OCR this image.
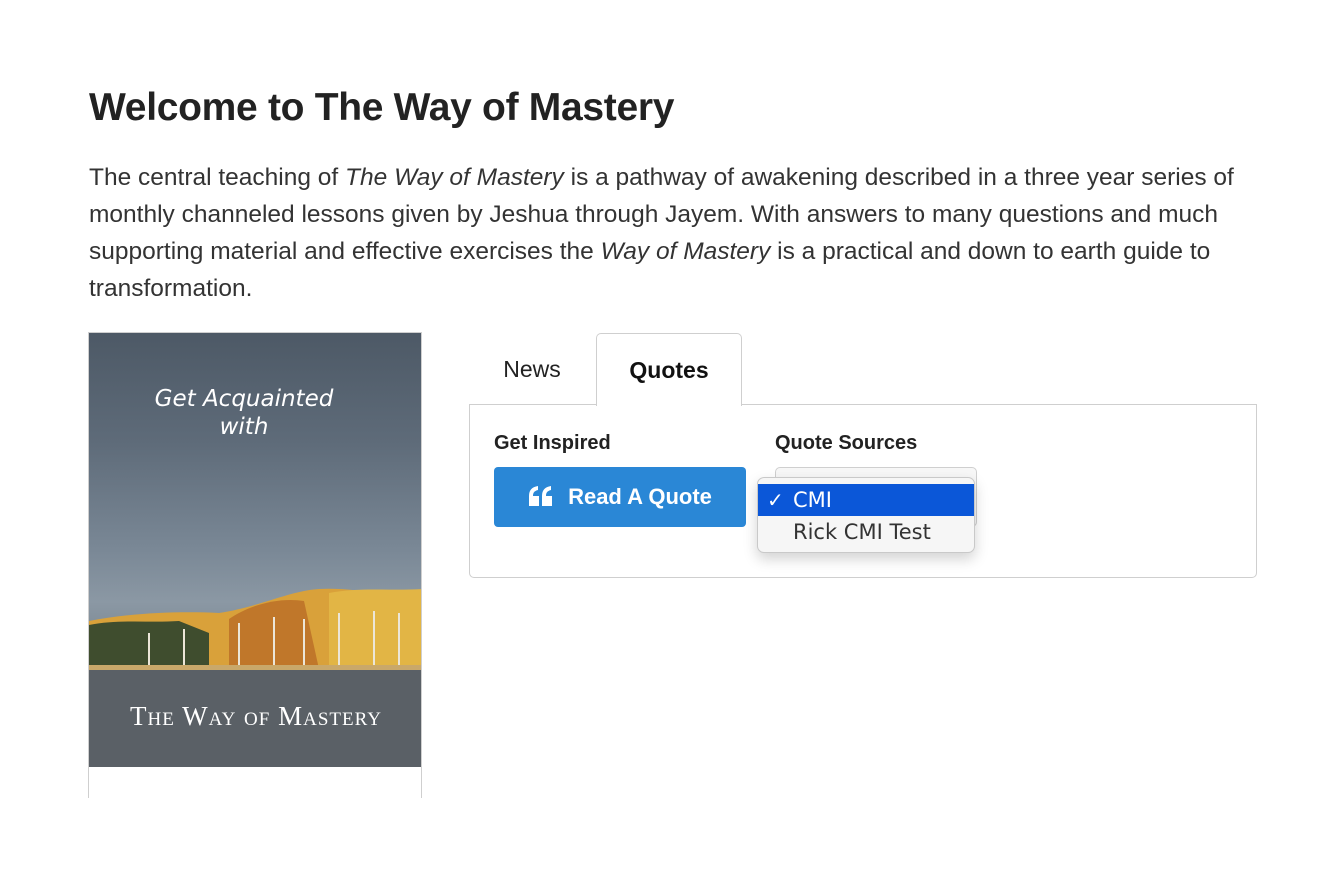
Welcome to The Way of Mastery

The central teaching of The Way of Mastery is a pathway of awakening described in a three year series of monthly channeled lessons given by Jeshua through Jayem. With answers to many questions and much supporting material and effective exercises the Way of Mastery is a practical and down to earth guide to transformation.

Get Acquainted
with
The Way of Mastery
News	Quotes
Get Inspired	Quote Sources
Read A Quote	✓ CMI
Rick CMI Test
